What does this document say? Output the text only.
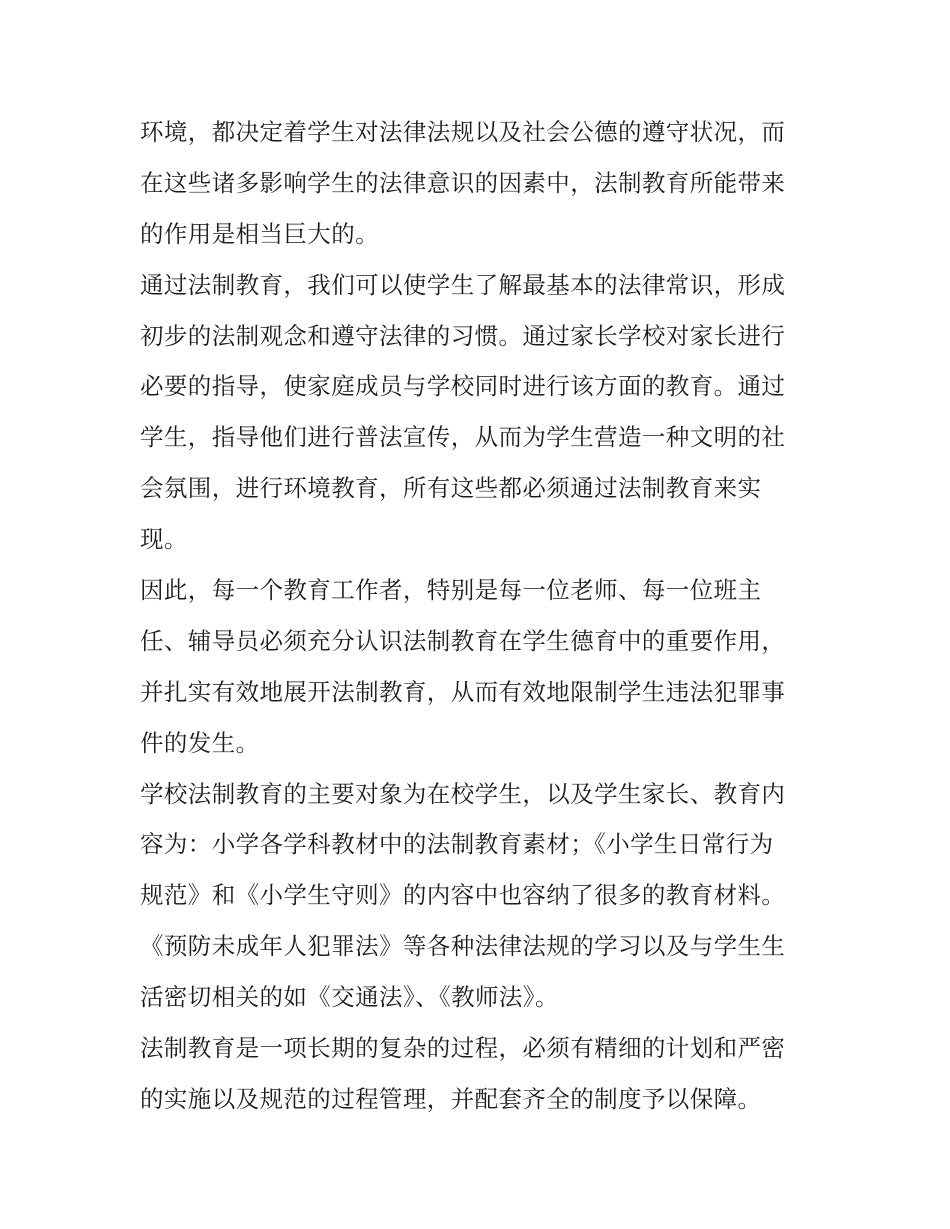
环境，都决定着学生对法律法规以及社会公德的遵守状况，而
在这些诸多影响学生的法律意识的因素中，法制教育所能带来
的作用是相当巨大的。

通过法制教育，我们可以使学生了解最基本的法律常识，形成
初步的法制观念和遵守法律的习惯。通过家长学校对家长进行
必要的指导，使家庭成员与学校同时进行该方面的教育。通过
学生，指导他们进行普法宣传，从而为学生营造一种文明的社
会氛围，进行环境教育，所有这些都必须通过法制教育来实
现。

因此，每一个教育工作者，特别是每一位老师、每一位班主
任、辅导员必须充分认识法制教育在学生德育中的重要作用，
并扎实有效地展开法制教育，从而有效地限制学生违法犯罪事
件的发生。

学校法制教育的主要对象为在校学生，以及学生家长、教育内
容为：小学各学科教材中的法制教育素材；《小学生日常行为
规范》和《小学生守则》的内容中也容纳了很多的教育材料。
《预防未成年人犯罪法》等各种法律法规的学习以及与学生生
活密切相关的如《交通法》、《教师法》。

法制教育是一项长期的复杂的过程，必须有精细的计划和严密
的实施以及规范的过程管理，并配套齐全的制度予以保障。
